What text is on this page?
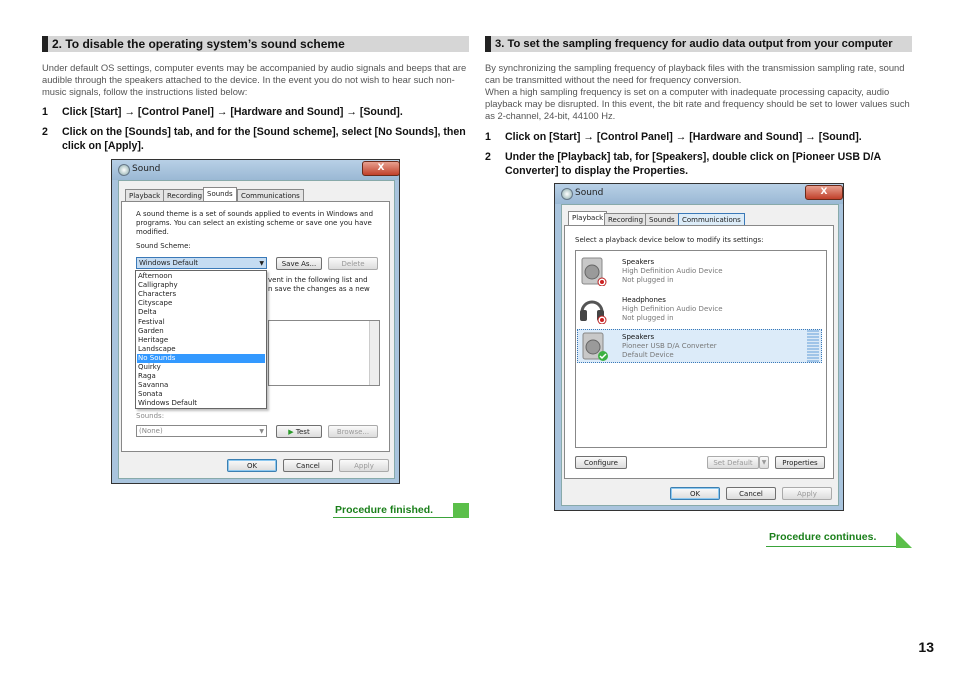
2. To disable the operating system’s sound scheme
Under default OS settings, computer events may be accompanied by audio signals and beeps that are audible through the speakers attached to the device. In the event you do not wish to hear such non-music signals, follow the instructions listed below:
1 Click [Start] → [Control Panel] → [Hardware and Sound] → [Sound].
2 Click on the [Sounds] tab, and for the [Sound scheme], select [No Sounds], then click on [Apply].
Sound	X
Playback Recording Sounds	Communications
A sound theme is a set of sounds applied to events in Windows and programs. You can select an existing scheme or save one you have modified.
Sound Scheme:
Windows Default	▼	Save As...	Delete
vent in the following list and
n save the changes as a new
Sounds:
(None)	▼	▶ Test	Browse...
OK	Cancel	Apply
Afternoon
Calligraphy
Characters
Cityscape
Delta
Festival
Garden
Heritage
Landscape
No Sounds
Quirky
Raga
Savanna
Sonata
Windows Default
Procedure finished.
3. To set the sampling frequency for audio data output from your computer
By synchronizing the sampling frequency of playback files with the transmission sampling rate, sound can be transmitted without the need for frequency conversion.
When a high sampling frequency is set on a computer with inadequate processing capacity, audio playback may be disrupted. In this event, the bit rate and frequency should be set to lower values such as 2-channel, 24-bit, 44100 Hz.
1 Click on [Start] → [Control Panel] → [Hardware and Sound] → [Sound].
2 Under the [Playback] tab, for [Speakers], double click on [Pioneer USB D/A Converter] to display the Properties.
Sound	X
Playback Recording Sounds	Communications
Select a playback device below to modify its settings:
Speakers
High Definition Audio Device
Not plugged in
Headphones
High Definition Audio Device
Not plugged in
Speakers
Pioneer USB D/A Converter
Default Device
Configure	Set Default	▼	Properties
OK	Cancel	Apply
Procedure continues.
13
